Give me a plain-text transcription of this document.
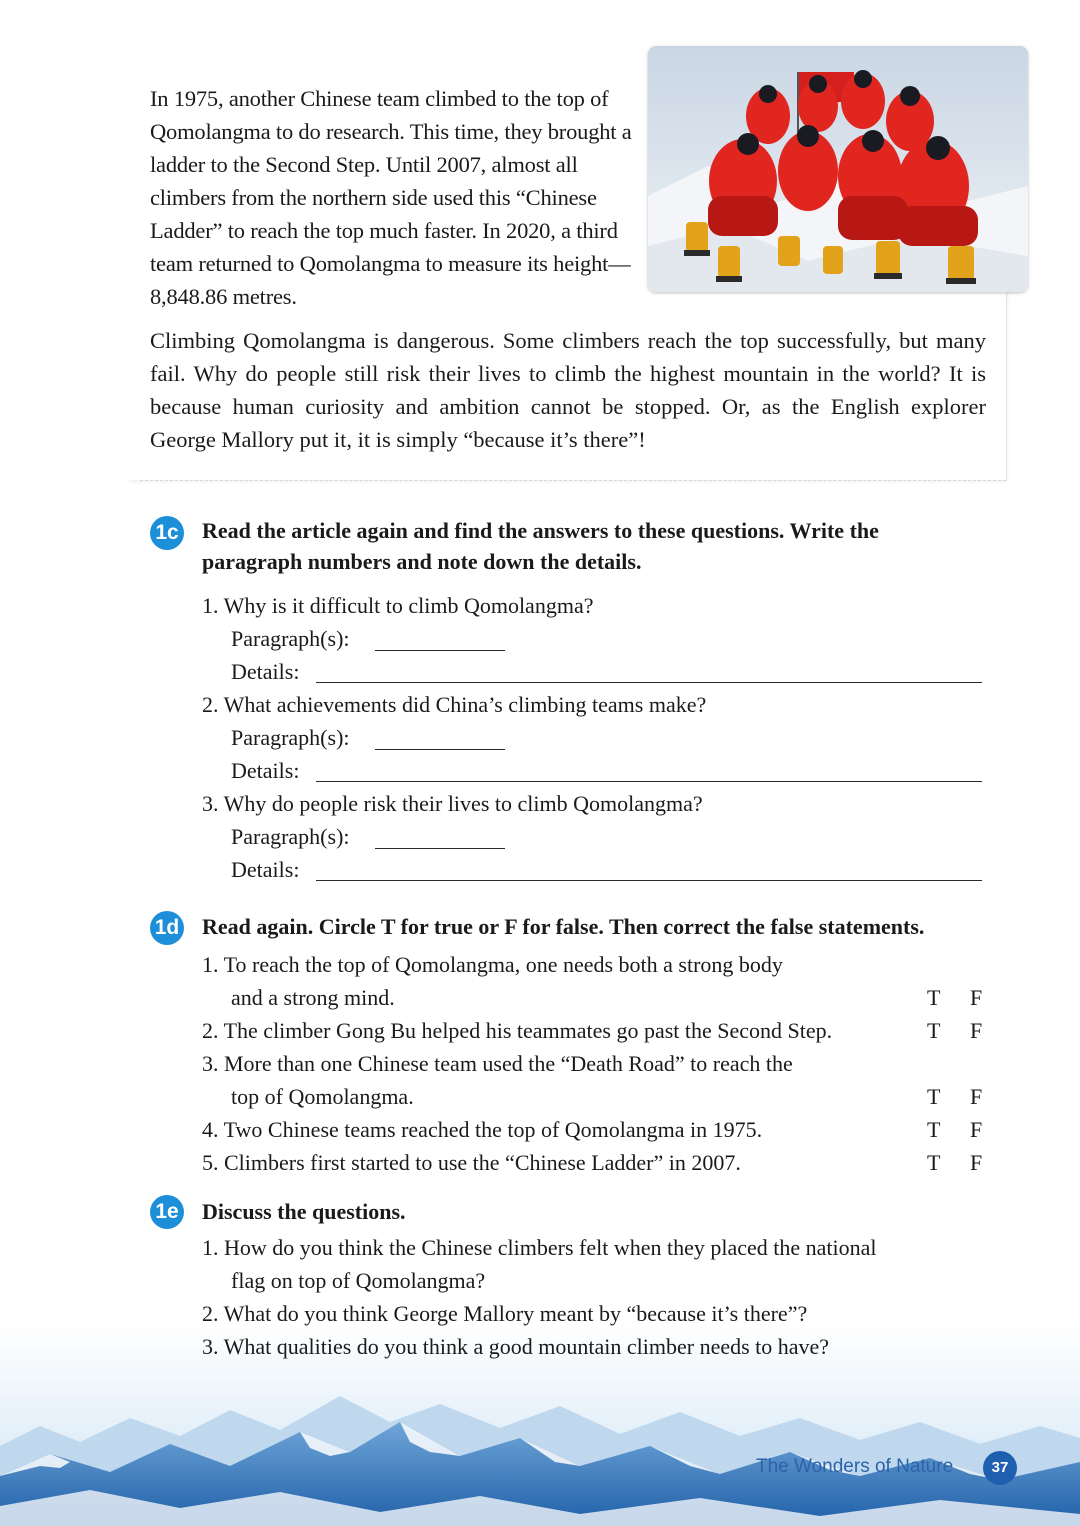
In 1975, another Chinese team climbed to the top of Qomolangma to do research. This time, they brought a ladder to the Second Step. Until 2007, almost all climbers from the northern side used this “Chinese Ladder” to reach the top much faster. In 2020, a third team returned to Qomolangma to measure its height—8,848.86 metres.
Climbing Qomolangma is dangerous. Some climbers reach the top successfully, but many fail. Why do people still risk their lives to climb the highest mountain in the world? It is because human curiosity and ambition cannot be stopped. Or, as the English explorer George Mallory put it, it is simply “because it’s there”!
1c Read the article again and find the answers to these questions. Write the
paragraph numbers and note down the details.
1. Why is it difficult to climb Qomolangma?
Paragraph(s):
Details:
2. What achievements did China’s climbing teams make?
Paragraph(s):
Details:
3. Why do people risk their lives to climb Qomolangma?
Paragraph(s):
Details:
1d Read again. Circle T for true or F for false. Then correct the false statements.
1. To reach the top of Qomolangma, one needs both a strong body
and a strong mind.	T F
2. The climber Gong Bu helped his teammates go past the Second Step.	T F
3. More than one Chinese team used the “Death Road” to reach the
top of Qomolangma.	T F
4. Two Chinese teams reached the top of Qomolangma in 1975.	T F
5. Climbers first started to use the “Chinese Ladder” in 2007.	T F
1e Discuss the questions.
1. How do you think the Chinese climbers felt when they placed the national
flag on top of Qomolangma?
2. What do you think George Mallory meant by “because it’s there”?
3. What qualities do you think a good mountain climber needs to have?
The Wonders of Nature	37
